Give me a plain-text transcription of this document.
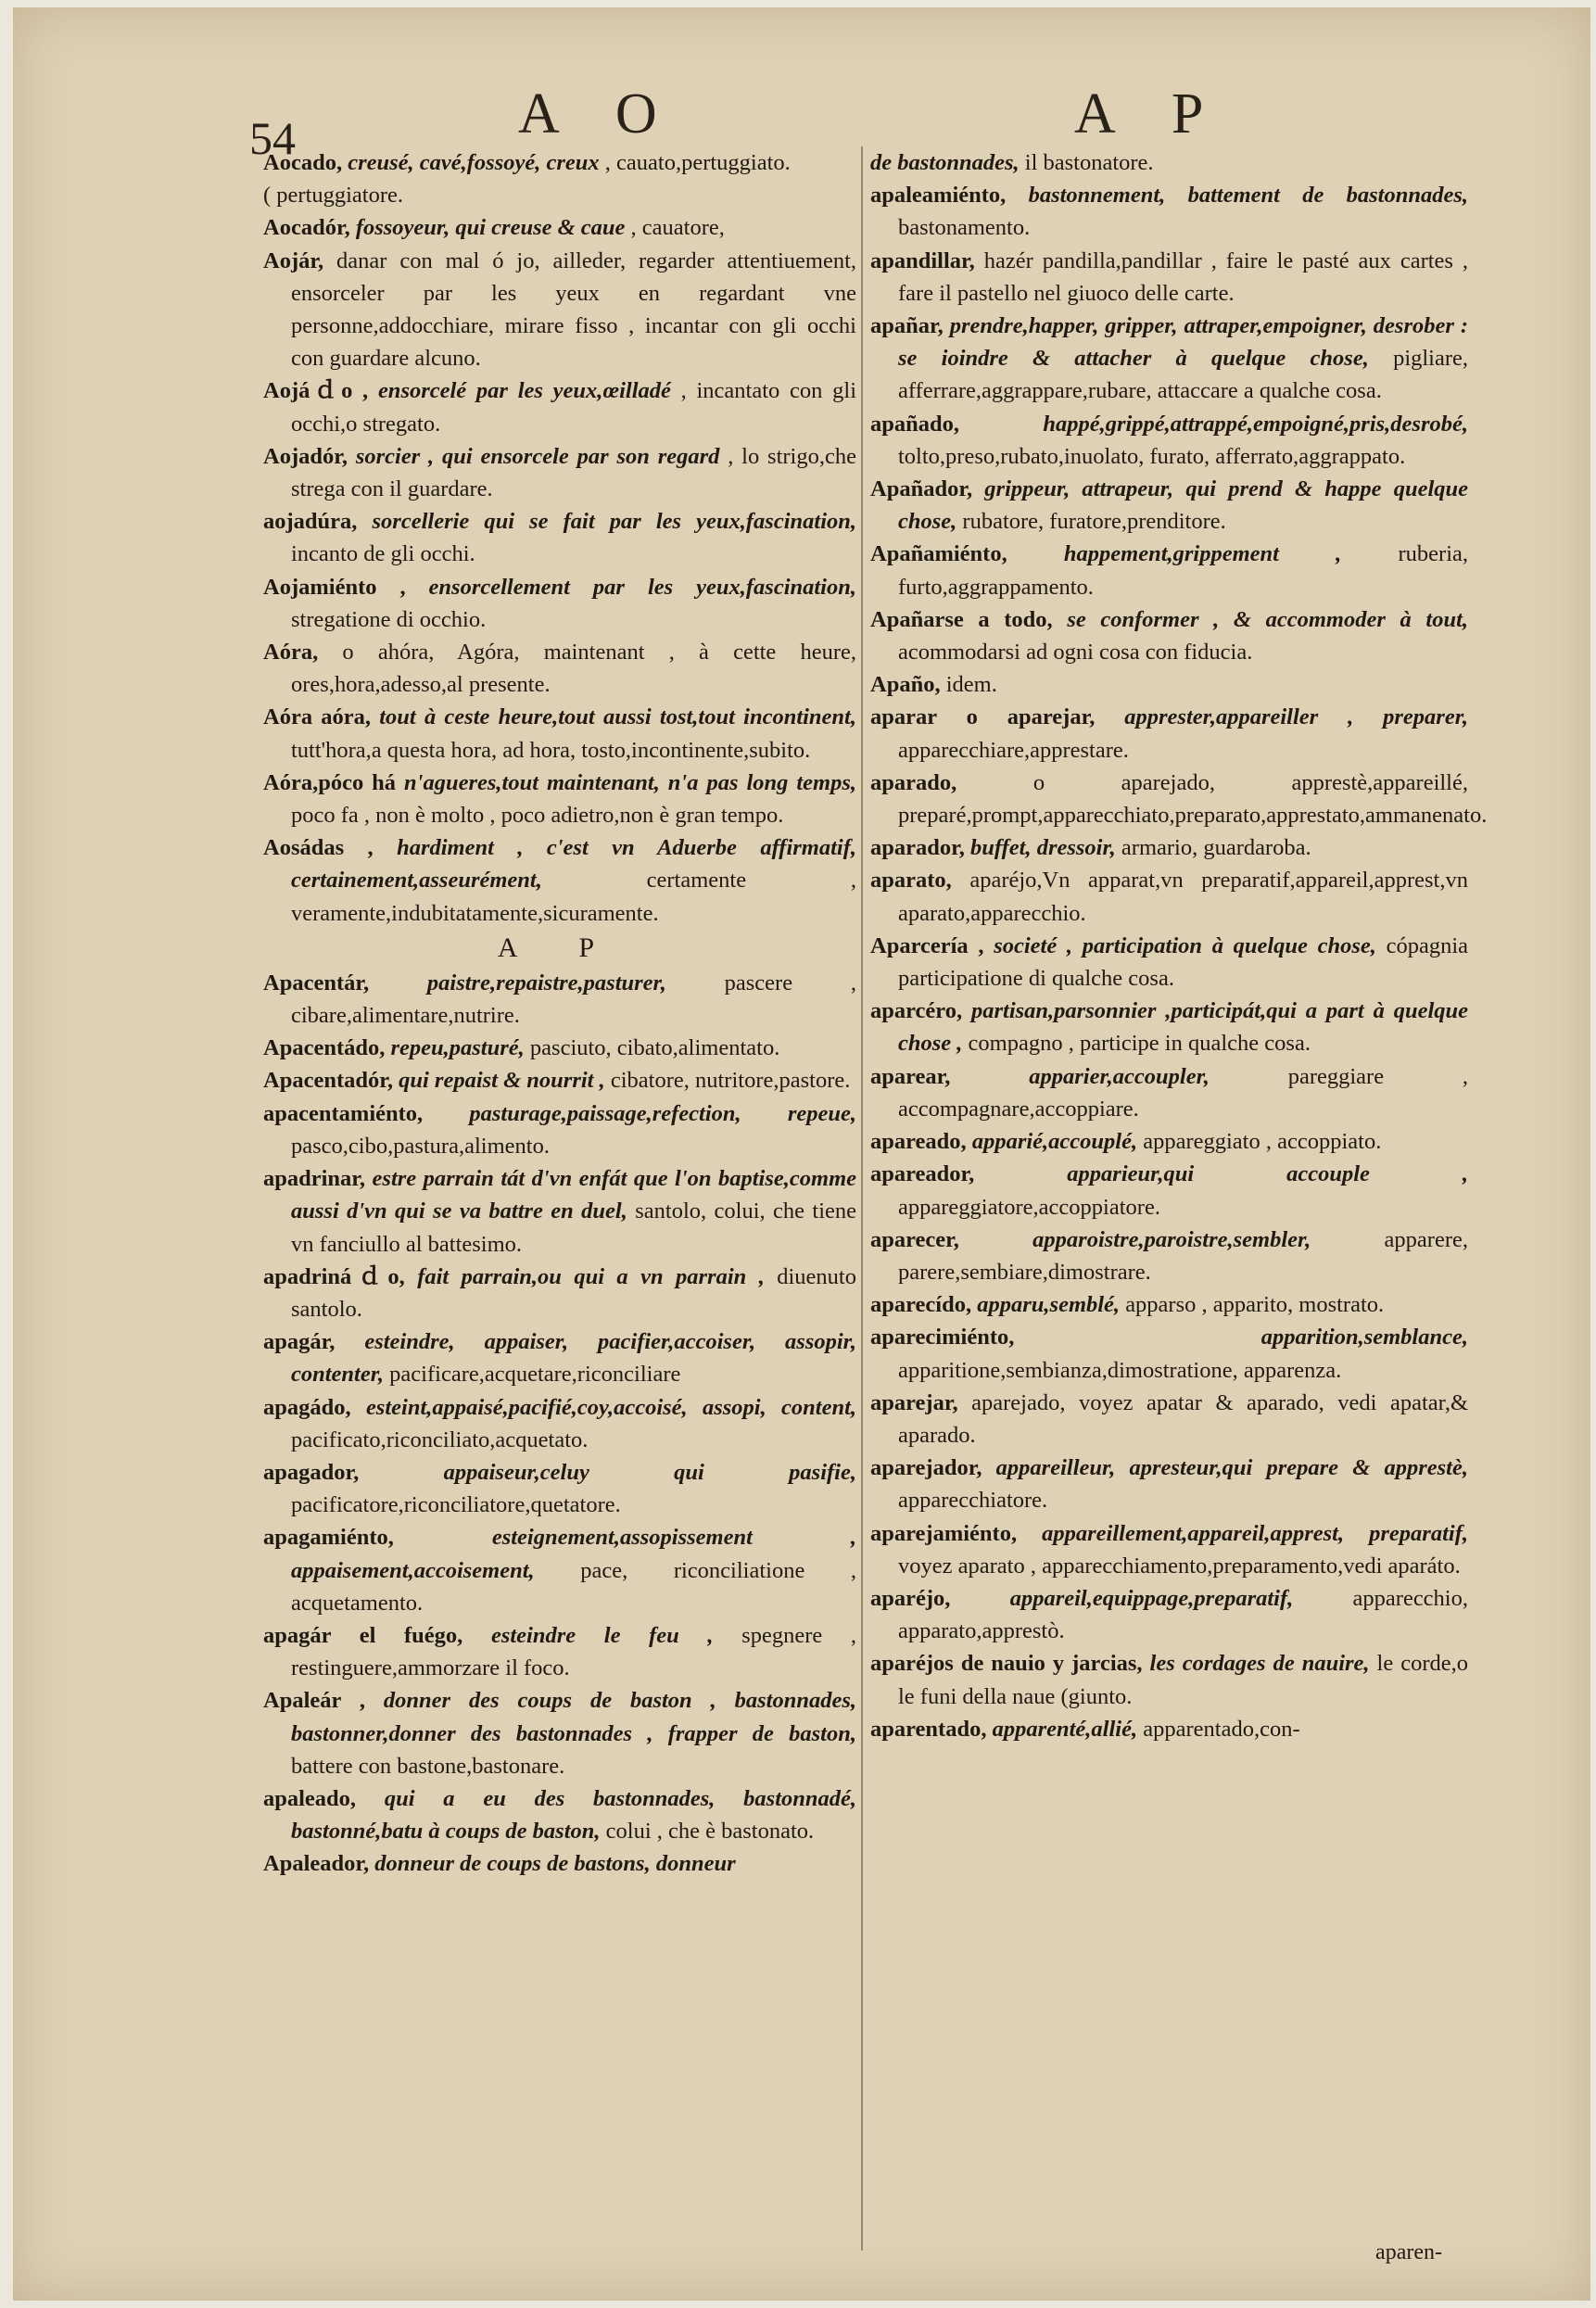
54	A O	A P

Aocado, creusé, cavé,fossoyé, creux , cauato,pertuggiato.

( pertuggiatore.

Aocadór, fossoyeur, qui creuse & caue , cauatore,

Aojár, danar con mal ó jo, ailleder, regarder attentiuement, ensorceler par les yeux en regardant vne personne,addocchiare, mirare fisso , incantar con gli occhi con guardare alcuno.

Aojáｄo , ensorcelé par les yeux,œilladé , incantato con gli occhi,o stregato.

Aojadór, sorcier , qui ensorcele par son regard , lo strigo,che strega con il guardare.

aojadúra, sorcellerie qui se fait par les yeux,fascination, incanto de gli occhi.

Aojamiénto , ensorcellement par les yeux,fascination, stregatione di occhio.

Aóra, o ahóra, Agóra, maintenant , à cette heure, ores,hora,adesso,al presente.

Aóra aóra, tout à ceste heure,tout aussi tost,tout incontinent, tutt'hora,a questa hora, ad hora, tosto,incontinente,subito.

Aóra,póco há n'agueres,tout maintenant, n'a pas long temps, poco fa , non è molto , poco adietro,non è gran tempo.

Aosádas , hardiment , c'est vn Aduerbe affirmatif, certainement,asseurément,	certamente , veramente,indubitatamente,sicuramente.

A P

Apacentár,	paistre,repaistre,pasturer,	pascere , cibare,alimentare,nutrire.

Apacentádo, repeu,pasturé, pasciuto, cibato,alimentato.

Apacentadór, qui repaist & nourrit , cibatore, nutritore,pastore.

apacentamiénto, pasturage,paissage,refection, repeue, pasco,cibo,pastura,alimento.

apadrinar, estre parrain tát d'vn enfát que l'on baptise,comme aussi d'vn qui se va battre en duel, santolo, colui, che tiene vn fanciullo al battesimo.

apadrináｄo, fait parrain,ou qui a vn parrain , diuenuto santolo.

apagár, esteindre, appaiser, pacifier,accoiser, assopir, contenter, pacificare,acquetare,riconciliare

apagádo, esteint,appaisé,pacifié,coy,accoisé, assopi, content, pacificato,riconciliato,acquetato.

apagador,	appaiseur,celuy qui pasifie, pacificatore,riconciliatore,quetatore.

apagamiénto,	esteignement,assopissement , appaisement,accoisement, pace, riconciliatione , acquetamento.

apagár el fuégo, esteindre le feu , spegnere , restinguere,ammorzare il foco.

Apaleár , donner des coups de baston , bastonnades, bastonner,donner des bastonnades , frapper de baston, battere con bastone,bastonare.

apaleado, qui a eu des bastonnades, bastonnadé, bastonné,batu à coups de baston, colui , che è bastonato.

Apaleador, donneur de coups de bastons, donneur

de bastonnades, il bastonatore.

apaleamiénto, bastonnement, battement de bastonnades, bastonamento.

apandillar, hazér pandilla,pandillar , faire le pasté aux cartes , fare il pastello nel giuoco delle carte.

apañar, prendre,happer, gripper, attraper,empoigner, desrober : se ioindre & attacher à quelque chose, pigliare, afferrare,aggrappare,rubare, attaccare a qualche cosa.

apañado,	happé,grippé,attrappé,empoigné,pris,desrobé, tolto,preso,rubato,inuolato, furato, afferrato,aggrappato.

Apañador, grippeur, attrapeur, qui prend & happe quelque chose, rubatore, furatore,prenditore.

Apañamiénto, happement,grippement , ruberia, furto,aggrappamento.

Apañarse a todo, se conformer , & accommoder à tout, acommodarsi ad ogni cosa con fiducia.

Apaño, idem.

aparar o aparejar, apprester,appareiller , preparer, apparecchiare,apprestare.

aparado,	o aparejado, apprestè,appareillé, preparé,prompt,apparecchiato,preparato,apprestato,ammanenato.

aparador, buffet, dressoir, armario, guardaroba.

aparato, aparéjo,Vn apparat,vn preparatif,appareil,apprest,vn aparato,apparecchio.

Aparcería , societé , participation à quelque chose, cópagnia participatione di qualche cosa.

aparcéro, partisan,parsonnier ,participát,qui a part à quelque chose , compagno , participe in qualche cosa.

aparear,	apparier,accoupler,	pareggiare , accompagnare,accoppiare.

apareado, apparié,accouplé, appareggiato , accoppiato.

apareador,	apparieur,qui accouple , appareggiatore,accoppiatore.

aparecer,	apparoistre,paroistre,sembler,	apparere, parere,sembiare,dimostrare.

aparecído, apparu,semblé, apparso , apparito, mostrato.

aparecimiénto,	apparition,semblance, apparitione,sembianza,dimostratione, apparenza.

aparejar, aparejado, voyez apatar & aparado, vedi apatar,& aparado.

aparejador, appareilleur, apresteur,qui prepare & apprestè, apparecchiatore.

aparejamiénto, appareillement,appareil,apprest, preparatif, voyez aparato , apparecchiamento,preparamento,vedi aparáto.

aparéjo,	appareil,equippage,preparatif,	apparecchio, apparato,apprestò.

aparéjos de nauio y jarcias, les cordages de nauire, le corde,o le funi della naue (giunto.

aparentado, apparenté,allié, apparentado,con-

aparen-
